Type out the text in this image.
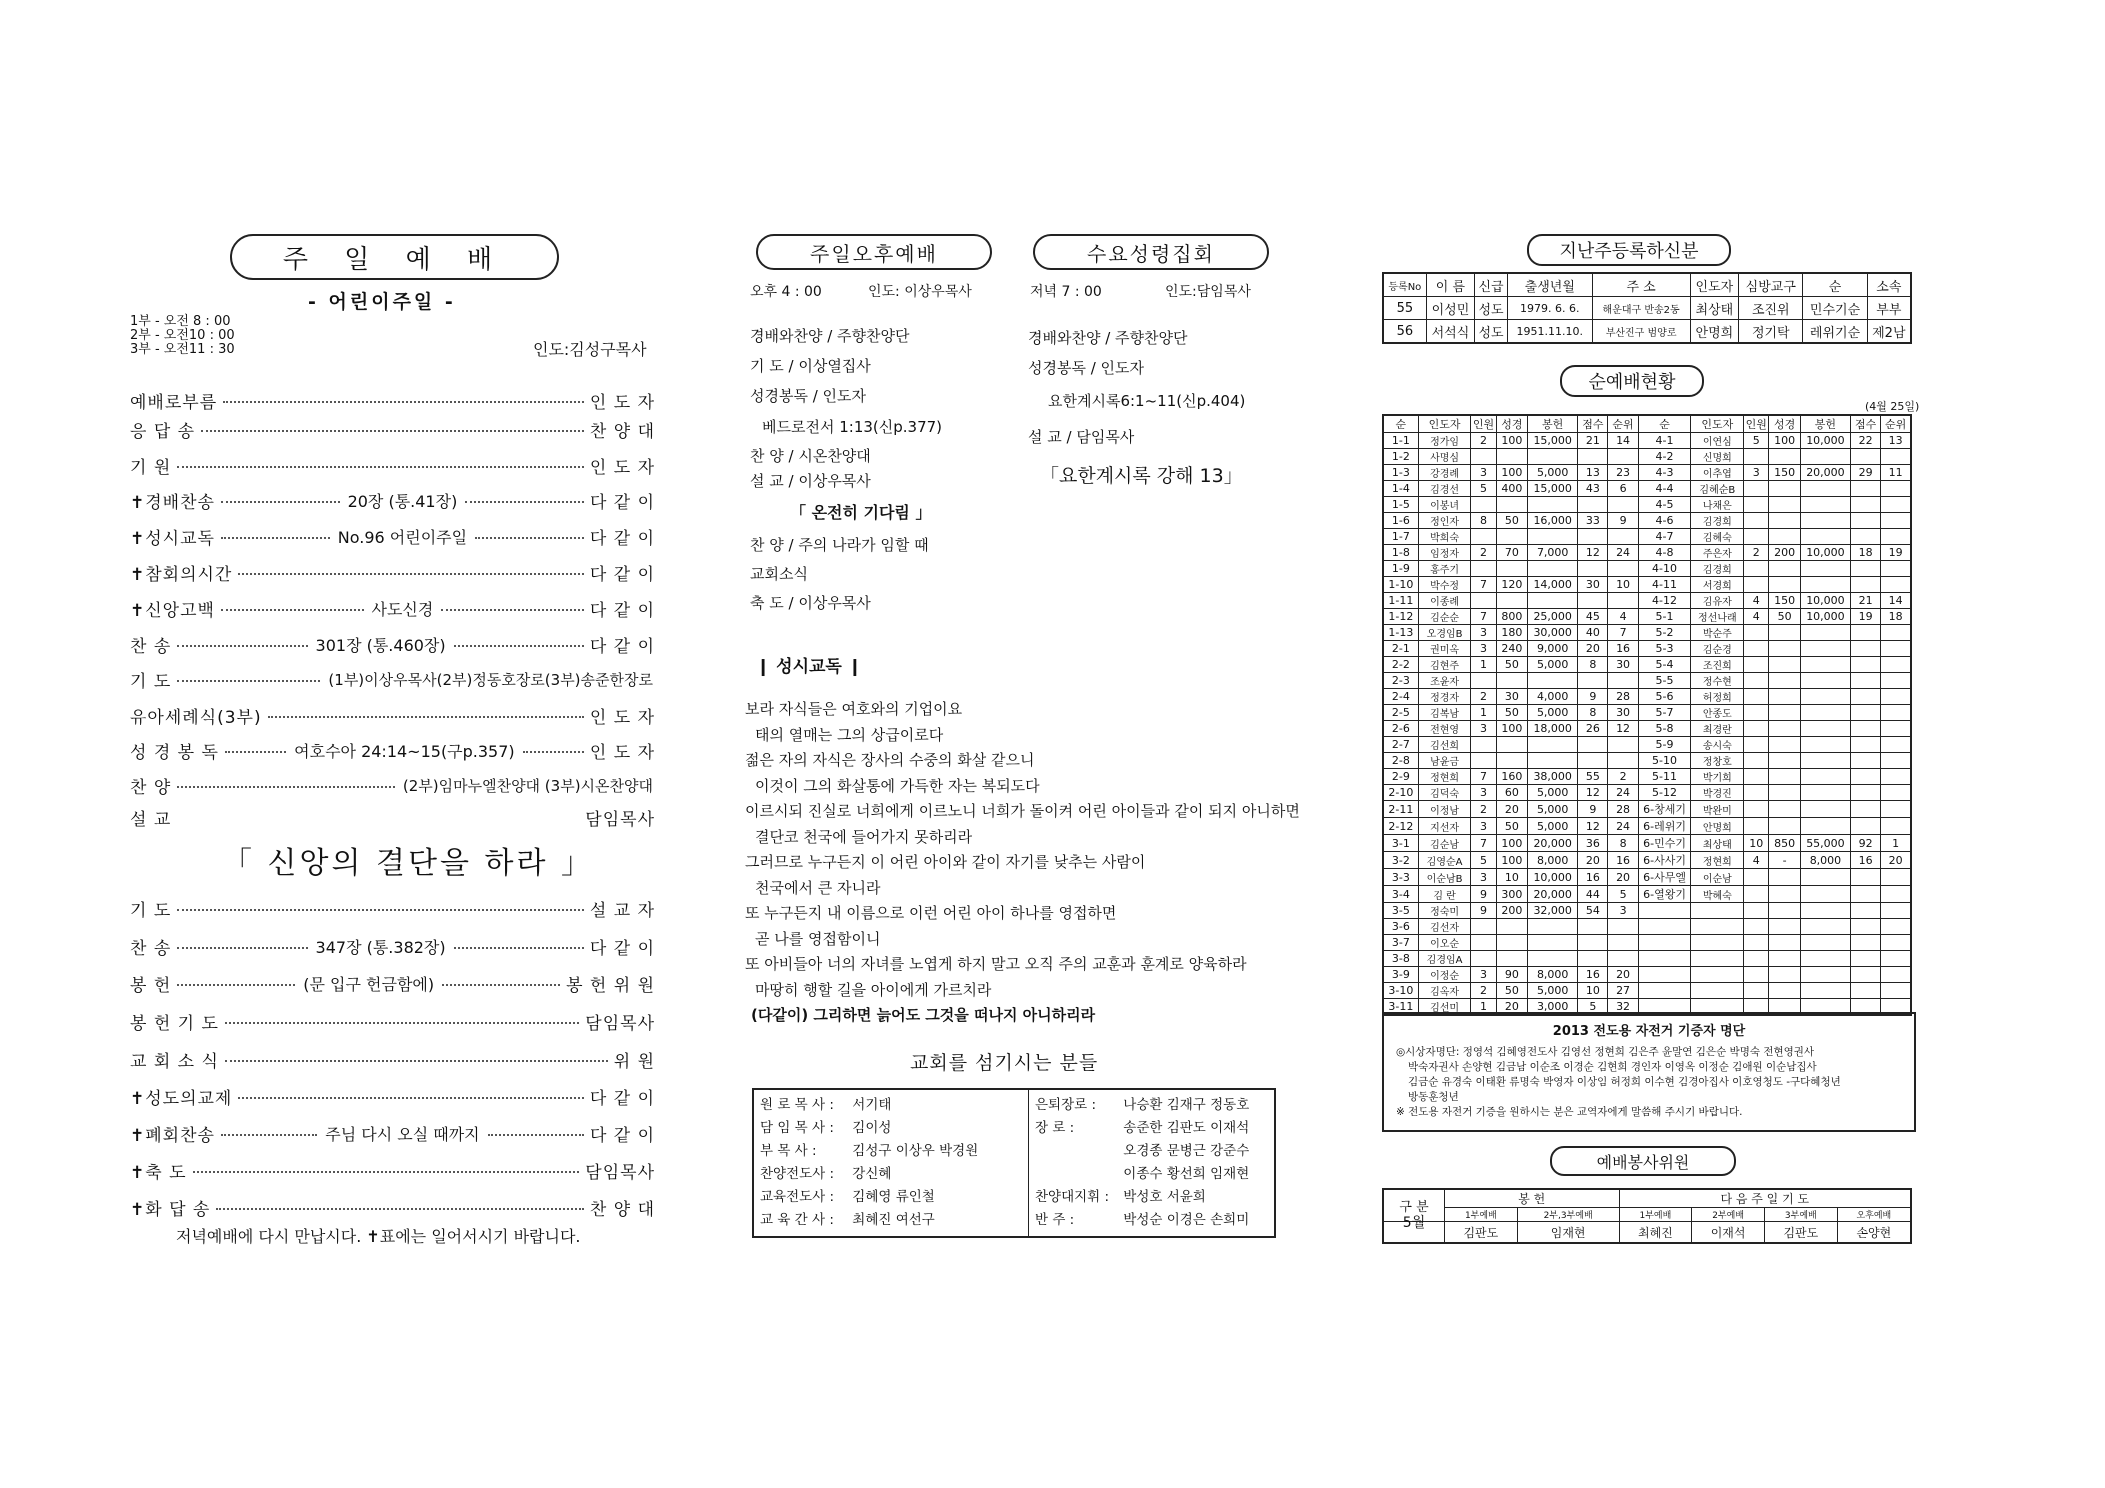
주 일 예 배
- 어린이주일 -
1부 - 오전 8 : 00
2부 - 오전10 : 00
3부 - 오전11 : 30	인도:김성구목사
예배로부름	인 도 자
응 답 송	찬 양 대
기 원	인 도 자
✝경배찬송	20장 (통.41장)	다 같 이
✝성시교독	No.96 어린이주일	다 같 이
✝참회의시간	다 같 이
✝신앙고백	사도신경	다 같 이
찬 송	301장 (통.460장)	다 같 이
기 도	(1부)이상우목사(2부)정동호장로(3부)송준한장로
유아세례식(3부)	인 도 자
성 경 봉 독	여호수아 24:14~15(구p.357)	인 도 자
찬 양	(2부)임마누엘찬양대 (3부)시온찬양대
설 교	담임목사
「 신앙의 결단을 하라 」
기 도	설 교 자
찬 송	347장 (통.382장)	다 같 이
봉 헌	(문 입구 헌금함에)	봉 헌 위 원
봉 헌 기 도	담임목사
교 회 소 식	위 원
✝성도의교제	다 같 이
✝폐회찬송	주님 다시 오실 때까지	다 같 이
✝축 도	담임목사
✝화 답 송	찬 양 대
저녁예배에 다시 만납시다. ✝표에는 일어서시기 바랍니다.
주일오후예배
오후 4 : 00	인도: 이상우목사
경배와찬양 / 주향찬양단
기 도 / 이상열집사
성경봉독 / 인도자
베드로전서 1:13(신p.377)
찬 양 / 시온찬양대
설 교 / 이상우목사
「 온전히 기다림 」
찬 양 / 주의 나라가 임할 때
교회소식
축 도 / 이상우목사
수요성령집회
저녁 7 : 00	인도:담임목사
경배와찬양 / 주향찬양단
성경봉독 / 인도자
요한계시록6:1~11(신p.404)
설 교 / 담임목사
「요한계시록 강해 13」
❙ 성시교독 ❙
보라 자식들은 여호와의 기업이요
태의 열매는 그의 상급이로다
젊은 자의 자식은 장사의 수중의 화살 같으니
이것이 그의 화살통에 가득한 자는 복되도다
이르시되 진실로 너희에게 이르노니 너희가 돌이켜 어린 아이들과 같이 되지 아니하면
결단코 천국에 들어가지 못하리라
그러므로 누구든지 이 어린 아이와 같이 자기를 낮추는 사람이
천국에서 큰 자니라
또 누구든지 내 이름으로 이런 어린 아이 하나를 영접하면
곧 나를 영접함이니
또 아비들아 너의 자녀를 노엽게 하지 말고 오직 주의 교훈과 훈계로 양육하라
마땅히 행할 길을 아이에게 가르치라
(다같이) 그리하면 늙어도 그것을 떠나지 아니하리라
교회를 섬기시는 분들
원 로 목 사 : 서기태
담 임 목 사 : 김이성
부 목 사 :	김성구 이상우 박경원
찬양전도사 : 강신혜
교육전도사 : 김혜영 류인철
교 육 간 사 : 최혜진 여선구
은퇴장로 : 나승환 김재구 정동호
장 로 :	송준한 김판도 이재석
오경종 문병근 강준수
이종수 황선희 임재현
찬양대지휘 : 박성호 서윤희
반 주 :	박성순 이경은 손희미
지난주등록하신분
등록No	이 름	신급	출생년월	주 소	인도자	심방교구	순	소속
55	이성민	성도	1979. 6. 6.	해운대구 반송2동	최상태	조진위	민수기순	부부
56	서석식	성도	1951.11.10.	부산진구 범양로	안명희	정기탁	레위기순	제2남
순예배현황
(4월 25일)
순	인도자	인원	성경	봉헌	점수	순위	순	인도자	인원	성경	봉헌	점수	순위
1-1	정가임	2	100	15,000	21	14	4-1	이연심	5	100	10,000	22	13
1-2	사명심						4-2	신명희					
1-3	강경례	3	100	5,000	13	23	4-3	이추엽	3	150	20,000	29	11
1-4	김경선	5	400	15,000	43	6	4-4	김혜순B					
1-5	이봉녀						4-5	나채은					
1-6	정인자	8	50	16,000	33	9	4-6	김경희					
1-7	박희숙						4-7	김혜숙					
1-8	임정자	2	70	7,000	12	24	4-8	주은자	2	200	10,000	18	19
1-9	홍주기						4-10	김경희					
1-10	박수정	7	120	14,000	30	10	4-11	서경희					
1-11	이종례						4-12	김유자	4	150	10,000	21	14
1-12	김순순	7	800	25,000	45	4	5-1	정선나래	4	50	10,000	19	18
1-13	오경임B	3	180	30,000	40	7	5-2	박순주					
2-1	권미옥	3	240	9,000	20	16	5-3	김순경					
2-2	김현주	1	50	5,000	8	30	5-4	조진희					
2-3	조윤자						5-5	정수현					
2-4	정경자	2	30	4,000	9	28	5-6	허정희					
2-5	김복남	1	50	5,000	8	30	5-7	안종도					
2-6	전현영	3	100	18,000	26	12	5-8	최경란					
2-7	김선희						5-9	송시숙					
2-8	남윤금						5-10	정창호					
2-9	정현희	7	160	38,000	55	2	5-11	박기희					
2-10	김덕숙	3	60	5,000	12	24	5-12	박경진					
2-11	이정남	2	20	5,000	9	28	6-창세기	박완미					
2-12	지선자	3	50	5,000	12	24	6-레위기	안명희					
3-1	김순남	7	100	20,000	36	8	6-민수기	최상태	10	850	55,000	92	1
3-2	김영순A	5	100	8,000	20	16	6-사사기	정현희	4	-	8,000	16	20
3-3	이순남B	3	10	10,000	16	20	6-사무엘	이순남					
3-4	김 란	9	300	20,000	44	5	6-열왕기	박혜숙					
3-5	정숙미	9	200	32,000	54	3							
3-6	김선자												
3-7	이오순												
3-8	김경임A												
3-9	이정순	3	90	8,000	16	20							
3-10	김옥자	2	50	5,000	10	27							
3-11	김선미	1	20	3,000	5	32							
2013 전도용 자전거 기증자 명단
◎시상자명단: 정영석 김혜영전도사 김영선 정현희 김은주 윤말연 김은순 박명숙 전현영권사
박숙자권사 손양현 김금남 이순조 이경순 김현희 경인자 이영옥 이정순 김애원 이순남집사
김금순 유경숙 이태환 류명숙 박영자 이상임 허정희 이수현 김경아집사 이호영청도 -구다혜청년
방동훈청년
※ 전도용 자전거 기증을 원하시는 분은 교역자에게 말씀해 주시기 바랍니다.
예배봉사위원
구 분	봉 헌		다 음 주 일 기 도			
	1부예배	2부,3부예배	1부예배	2부예배	3부예배	오후예배
5월	김판도	임재현	최혜진	이재석	김판도	손양현
